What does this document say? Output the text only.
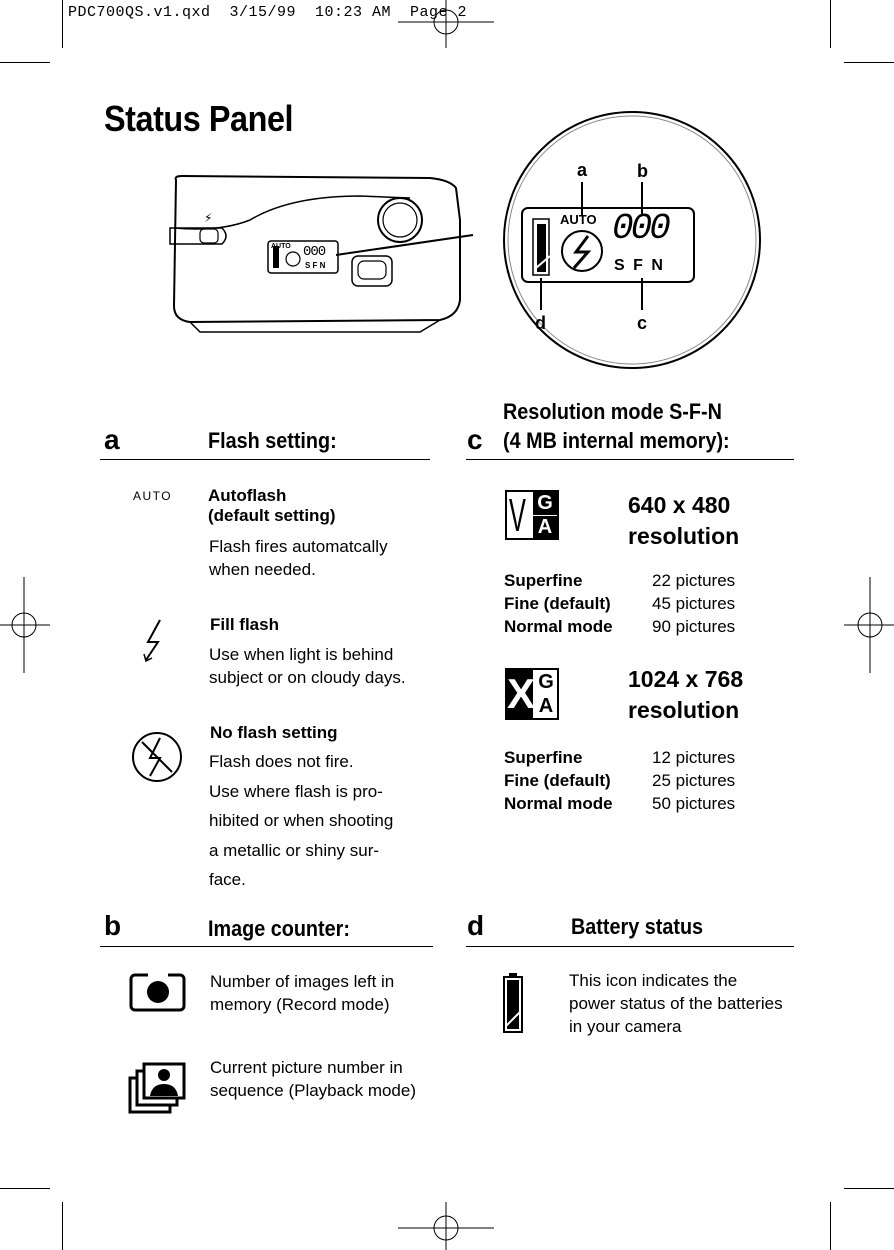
PDC700QS.v1.qxd  3/15/99  10:23 AM  Page 2
Status Panel
⚡
AUTO 000
S F N
AUTO 000
S F N
a	b
c
d
a	Flash setting:
AUTO Autoflash
(default setting)
Flash fires automatcally when needed.
Fill flash
Use when light is behind subject or on cloudy days.
No flash setting
Flash does not fire.
Use where flash is pro-
hibited or when shooting
a metallic or shiny sur-
face.
c
Resolution mode S-F-N
(4 MB internal memory):
V G
A
640 x 480
resolution
Superfine	22 pictures
Fine (default)	45 pictures
Normal mode	90 pictures
X G
A
1024 x 768
resolution
Superfine	12 pictures
Fine (default)	25 pictures
Normal mode	50 pictures
b	Image counter:
Number of images left in memory (Record mode)
Current picture number in sequence (Playback mode)
d	Battery status
This icon indicates the power status of the batteries in your camera
